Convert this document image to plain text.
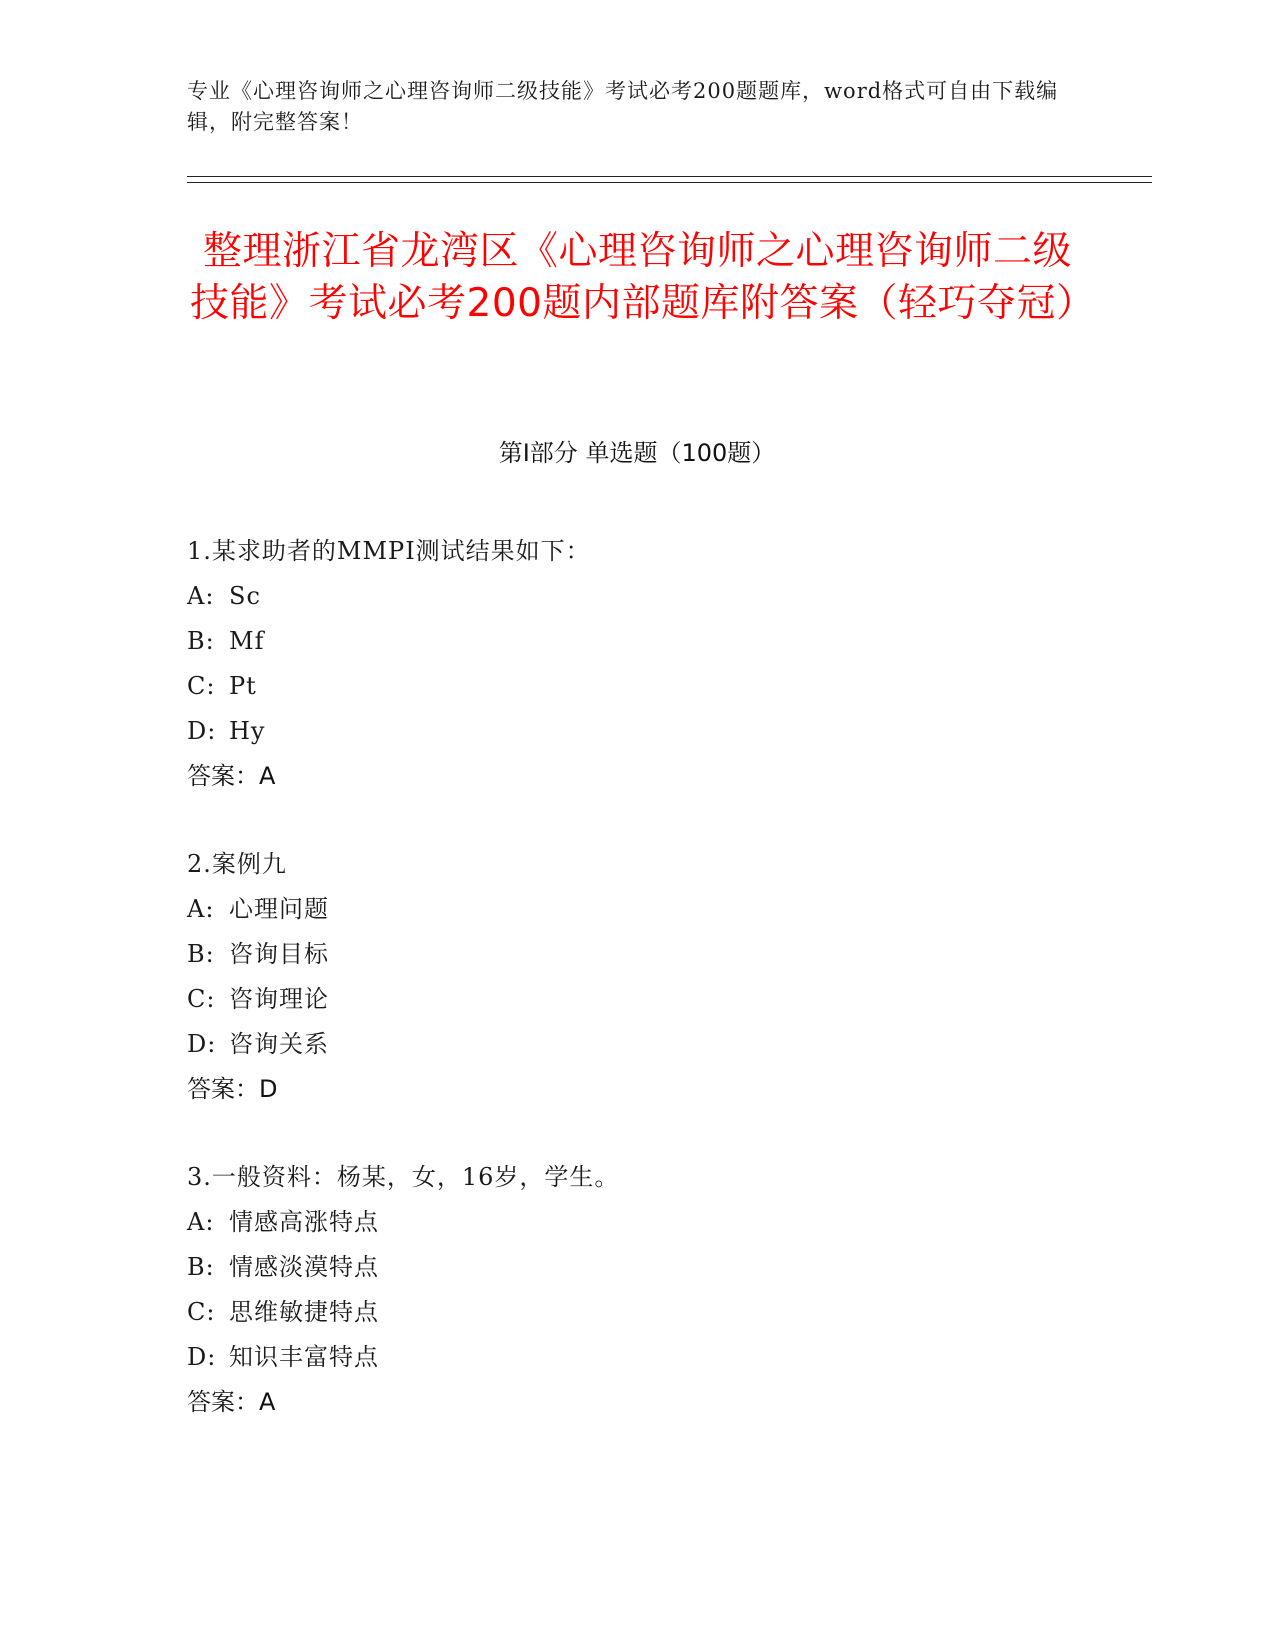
专业《心理咨询师之心理咨询师二级技能》考试必考200题题库，word格式可自由下载编辑，附完整答案！
整理浙江省龙湾区《心理咨询师之心理咨询师二级技能》考试必考200题内部题库附答案（轻巧夺冠）
第Ⅰ部分 单选题（100题）
1.某求助者的MMPI测试结果如下：
A: Sc
B: Mf
C: Pt
D: Hy
答案：A
2.案例九
A: 心理问题
B: 咨询目标
C: 咨询理论
D: 咨询关系
答案：D
3.一般资料：杨某，女，16岁，学生。
A: 情感高涨特点
B: 情感淡漠特点
C: 思维敏捷特点
D: 知识丰富特点
答案：A
